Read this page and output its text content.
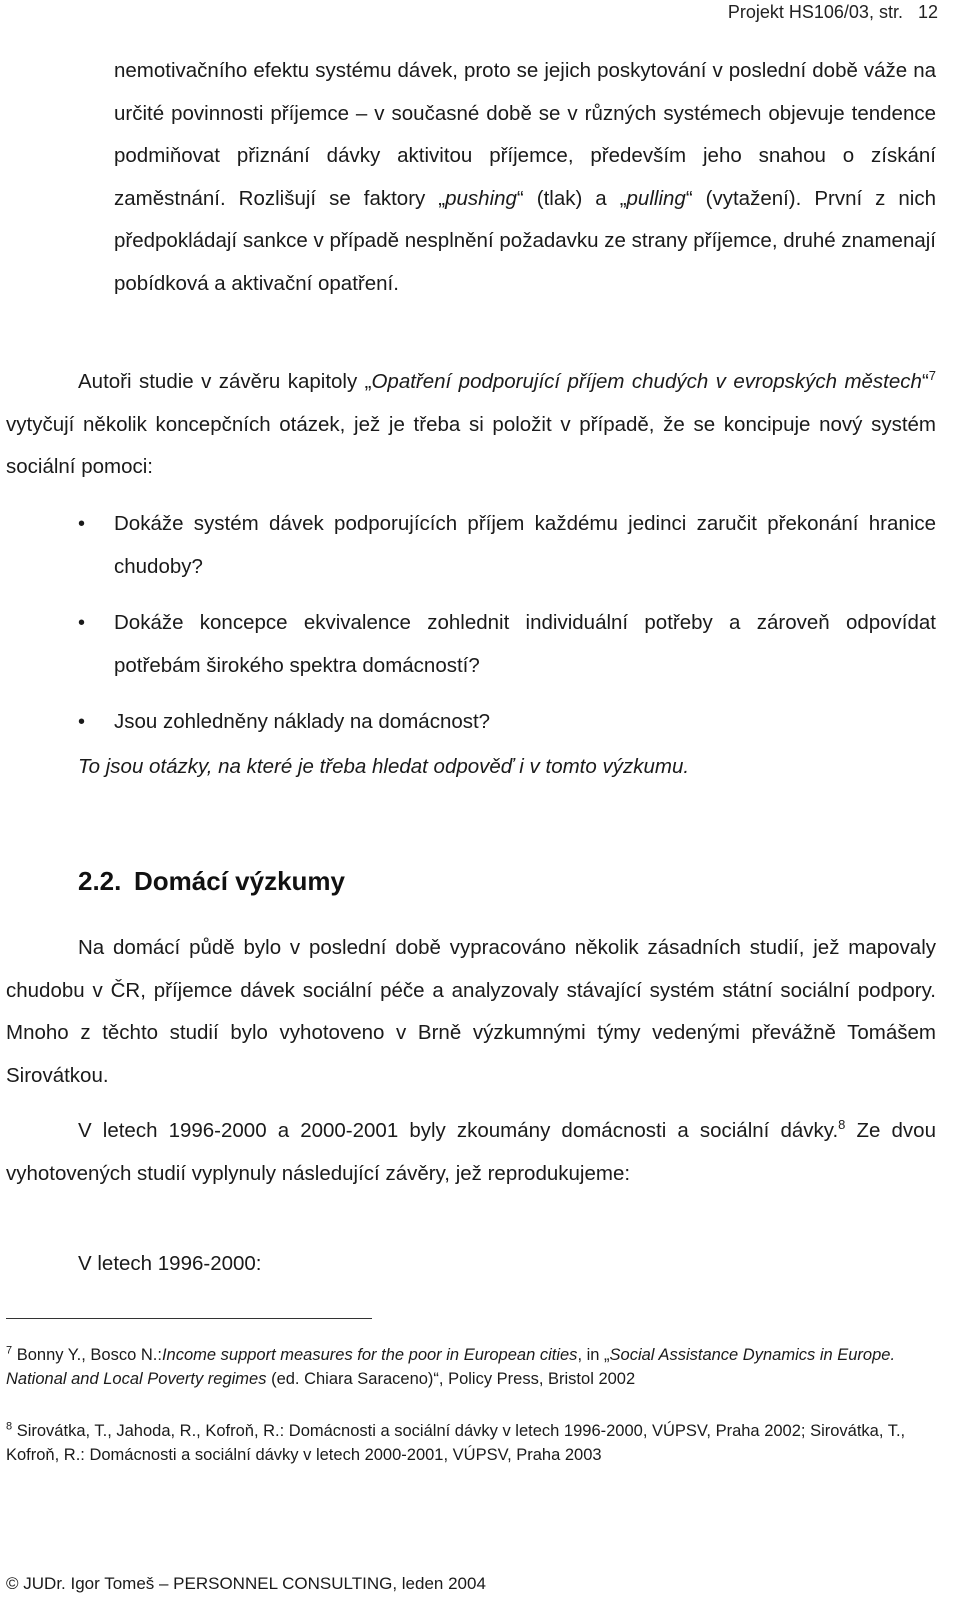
Projekt HS106/03, str. 12
nemotivačního efektu systému dávek, proto se jejich poskytování v poslední době váže na určité povinnosti příjemce – v současné době se v různých systémech objevuje tendence podmiňovat přiznání dávky aktivitou příjemce, především jeho snahou o získání zaměstnání. Rozlišují se faktory „pushing“ (tlak) a „pulling“ (vytažení). První z nich předpokládají sankce v případě nesplnění požadavku ze strany příjemce, druhé znamenají pobídková a aktivační opatření.
Autoři studie v závěru kapitoly „Opatření podporující příjem chudých v evropských městech“$^7$ vytyčují několik koncepčních otázek, jež je třeba si položit v případě, že se koncipuje nový systém sociální pomoci:
• Dokáže systém dávek podporujících příjem každému jedinci zaručit překonání hranice chudoby?
• Dokáže koncepce ekvivalence zohlednit individuální potřeby a zároveň odpovídat potřebám širokého spektra domácností?
• Jsou zohledněny náklady na domácnost?
To jsou otázky, na které je třeba hledat odpověď i v tomto výzkumu.
2.2. Domácí výzkumy
Na domácí půdě bylo v poslední době vypracováno několik zásadních studií, jež mapovaly chudobu v ČR, příjemce dávek sociální péče a analyzovaly stávající systém státní sociální podpory. Mnoho z těchto studií bylo vyhotoveno v Brně výzkumnými týmy vedenými převážně Tomášem Sirovátkou.
V letech 1996-2000 a 2000-2001 byly zkoumány domácnosti a sociální dávky.$^8$ Ze dvou vyhotovených studií vyplynuly následující závěry, jež reprodukujeme:
V letech 1996-2000:
$^7$ Bonny Y., Bosco N.:Income support measures for the poor in European cities, in „Social Assistance Dynamics in Europe. National and Local Poverty regimes (ed. Chiara Saraceno)“, Policy Press, Bristol 2002
$^8$ Sirovátka, T., Jahoda, R., Kofroň, R.: Domácnosti a sociální dávky v letech 1996-2000, VÚPSV, Praha 2002; Sirovátka, T., Kofroň, R.: Domácnosti a sociální dávky v letech 2000-2001, VÚPSV, Praha 2003
© JUDr. Igor Tomeš – PERSONNEL CONSULTING, leden 2004
